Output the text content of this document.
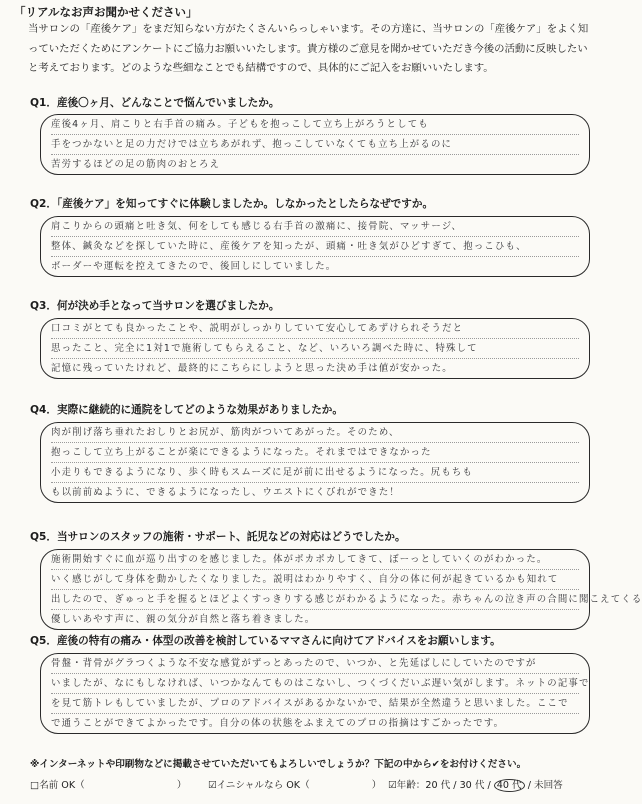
「リアルなお声お聞かせください」
当サロンの「産後ケア」をまだ知らない方がたくさんいらっしゃいます。その方達に、当サロンの「産後ケア」をよく知っていただくためにアンケートにご協力お願いいたします。貴方様のご意見を聞かせていただき今後の活動に反映したいと考えております。どのような些細なことでも結構ですので、具体的にご記入をお願いいたします。
Q1．産後〇ヶ月、どんなことで悩んでいましたか。
産後4ヶ月、肩こりと右手首の痛み。子どもを抱っこして立ち上がろうとしても
手をつかないと足の力だけでは立ちあがれず、抱っこしていなくても立ち上がるのに
苦労するほどの足の筋肉のおとろえ
Q2．「産後ケア」を知ってすぐに体験しましたか。しなかったとしたらなぜですか。
肩こりからの頭痛と吐き気、何をしても感じる右手首の激痛に、接骨院、マッサージ、
整体、鍼灸などを探していた時に、産後ケアを知ったが、頭痛・吐き気がひどすぎて、抱っこひも、
ボーダーや運転を控えてきたので、後回しにしていました。
Q3．何が決め手となって当サロンを選びましたか。
口コミがとても良かったことや、説明がしっかりしていて安心してあずけられそうだと
思ったこと、完全に1対1で施術してもらえること、など、いろいろ調べた時に、特殊して
記憶に残っていたけれど、最終的にこちらにしようと思った決め手は値が安かった。
Q4．実際に継続的に通院をしてどのような効果がありましたか。
肉が削げ落ち垂れたおしりとお尻が、筋肉がついてあがった。そのため、
抱っこして立ち上がることが楽にできるようになった。それまではできなかった
小走りもできるようになり、歩く時もスムーズに足が前に出せるようになった。尻もちも
も以前前ぬように、できるようになったし、ウエストにくびれができた！
Q5．当サロンのスタッフの施術・サポート、託児などの対応はどうでしたか。
施術開始すぐに血が巡り出すのを感じました。体がポカポカしてきて、ぼーっとしていくのがわかった。
いく感じがして身体を動かしたくなりました。説明はわかりやすく、自分の体に何が起きているかも知れて
出したので、ぎゅっと手を握るとほどよくすっきりする感じがわかるようになった。赤ちゃんの泣き声の合間に聞こえてくる
優しいあやす声に、親の気分が自然と落ち着きました。
Q5．産後の特有の痛み・体型の改善を検討しているママさんに向けてアドバイスをお願いします。
骨盤・背骨がグラつくような不安な感覚がずっとあったので、いつか、と先延ばしにしていたのですが
いましたが、なにもしなければ、いつかなんてものはこないし、つくづくだいぶ遅い気がします。ネットの記事で
を見て筋トレもしていましたが、プロのアドバイスがあるかないかで、結果が全然違うと思いました。ここで
で通うことができてよかったです。自分の体の状態をふまえてのプロの指摘はすごかったです。
※インターネットや印刷物などに掲載させていただいてもよろしいでしょうか？下記の中から✔をお付けください。
□名前 OK（	） ☑イニシャルなら OK（	） ☑年齢：20 代 / 30 代 / 40 代 / 未回答
